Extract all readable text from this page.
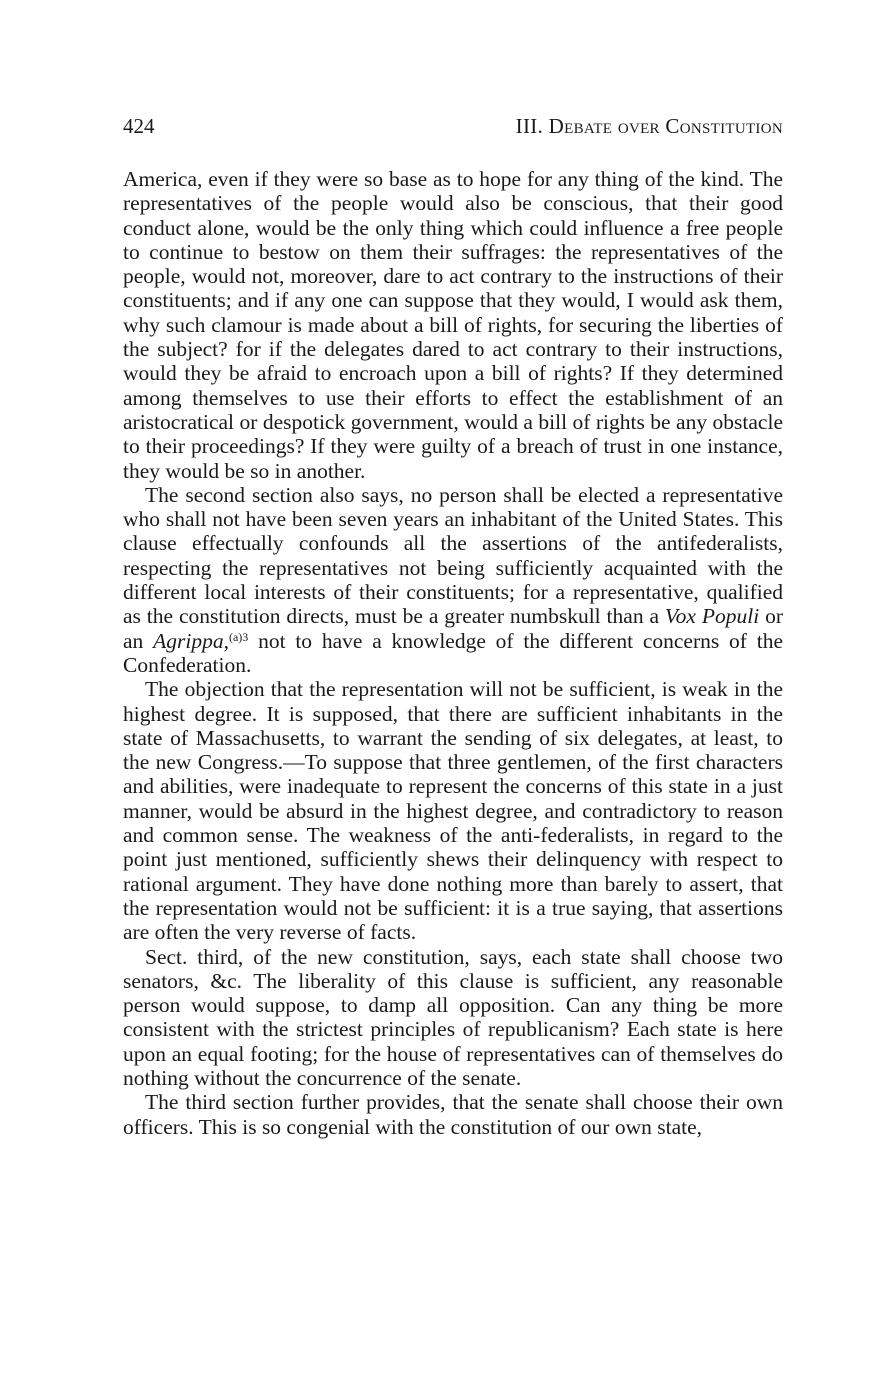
424	III. Debate over Constitution

America, even if they were so base as to hope for any thing of the kind. The representatives of the people would also be conscious, that their good conduct alone, would be the only thing which could influence a free people to continue to bestow on them their suffrages: the representatives of the people, would not, moreover, dare to act contrary to the instructions of their constituents; and if any one can suppose that they would, I would ask them, why such clamour is made about a bill of rights, for securing the liberties of the subject? for if the delegates dared to act contrary to their instructions, would they be afraid to encroach upon a bill of rights? If they determined among themselves to use their efforts to effect the establishment of an aristocratical or despotick government, would a bill of rights be any obstacle to their proceedings? If they were guilty of a breach of trust in one instance, they would be so in another.

The second section also says, no person shall be elected a representative who shall not have been seven years an inhabitant of the United States. This clause effectually confounds all the assertions of the antifederalists, respecting the representatives not being sufficiently acquainted with the different local interests of their constituents; for a representative, qualified as the constitution directs, must be a greater numbskull than a Vox Populi or an Agrippa,$^{(a)3}$ not to have a knowledge of the different concerns of the Confederation.

The objection that the representation will not be sufficient, is weak in the highest degree. It is supposed, that there are sufficient inhabitants in the state of Massachusetts, to warrant the sending of six delegates, at least, to the new Congress.—To suppose that three gentlemen, of the first characters and abilities, were inadequate to represent the concerns of this state in a just manner, would be absurd in the highest degree, and contradictory to reason and common sense. The weakness of the anti-federalists, in regard to the point just mentioned, sufficiently shews their delinquency with respect to rational argument. They have done nothing more than barely to assert, that the representation would not be sufficient: it is a true saying, that assertions are often the very reverse of facts.

Sect. third, of the new constitution, says, each state shall choose two senators, &c. The liberality of this clause is sufficient, any reasonable person would suppose, to damp all opposition. Can any thing be more consistent with the strictest principles of republicanism? Each state is here upon an equal footing; for the house of representatives can of themselves do nothing without the concurrence of the senate.

The third section further provides, that the senate shall choose their own officers. This is so congenial with the constitution of our own state,
